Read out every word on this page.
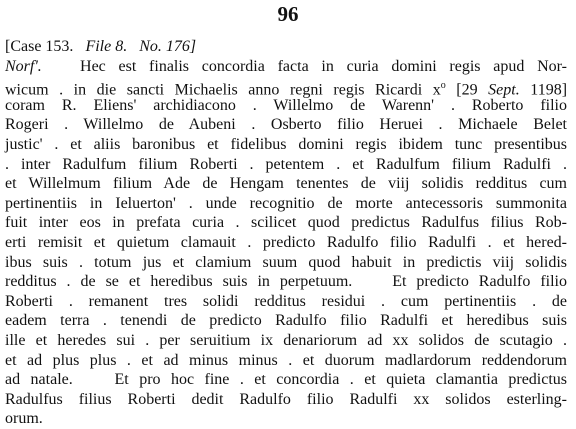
96
[Case 153. File 8. No. 176]
Norf'. Hec est finalis concordia facta in curia domini regis apud Nor-
wicum . in die sancti Michaelis anno regni regis Ricardi $x^o$ [29 Sept. 1198]
coram R. Eliens' archidiacono . Willelmo de Warenn' . Roberto filio
Rogeri . Willelmo de Aubeni . Osberto filio Heruei . Michaele Belet
justic' . et aliis baronibus et fidelibus domini regis ibidem tunc presentibus
. inter Radulfum filium Roberti . petentem . et Radulfum filium Radulfi .
et Willelmum filium Ade de Hengam tenentes de viij solidis redditus cum
pertinentiis in Ieluerton' . unde recognitio de morte antecessoris summonita
fuit inter eos in prefata curia . scilicet quod predictus Radulfus filius Rob-
erti remisit et quietum clamauit . predicto Radulfo filio Radulfi . et hered-
ibus suis . totum jus et clamium suum quod habuit in predictis viij solidis
redditus . de se et heredibus suis in perpetuum. Et predicto Radulfo filio
Roberti . remanent tres solidi redditus residui . cum pertinentiis . de
eadem terra . tenendi de predicto Radulfo filio Radulfi et heredibus suis
ille et heredes sui . per seruitium ix denariorum ad xx solidos de scutagio .
et ad plus plus . et ad minus minus . et duorum madlardorum reddendorum
ad natale.	Et pro hoc fine . et concordia . et quieta clamantia predictus
Radulfus filius Roberti dedit Radulfo filio Radulfi xx solidos esterling-
orum.
